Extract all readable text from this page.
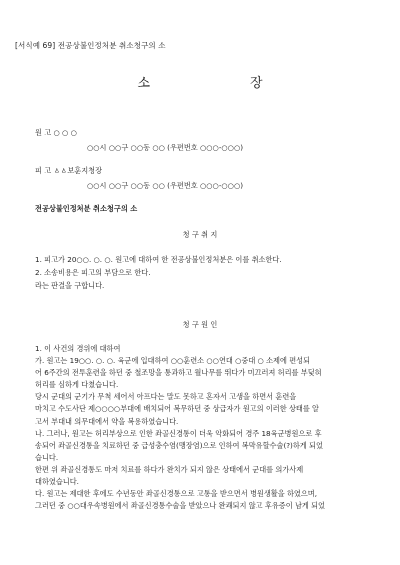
[서식예 69] 전공상불인정처분 취소청구의 소
소	장
원 고 ○ ○ ○
○○시 ○○구 ○○동 ○○ (우편번호 ○○○-○○○)
피 고 ㅿㅿ보훈지청장
○○시 ○○구 ○○동 ○○ (우편번호 ○○○-○○○)
전공상불인정처분 취소청구의 소
청 구 취 지
1. 피고가 20○○. ○. ○. 원고에 대하여 한 전공상불인정처분은 이를 취소한다.
2. 소송비용은 피고의 부담으로 한다.
라는 판결을 구합니다.
청 구 원 인
1. 이 사건의 경위에 대하여
가. 원고는 19○○. ○. ○. 육군에 입대하여 ○○훈련소 ○○연대 ○중대 ○ 소제에 편성되
어 6주간의 전투훈련을 하던 중 철조망을 통과하고 월나무를 뛰다가 미끄러져 허리를 부딪혀
허리를 심하게 다쳤습니다.
당시 군대의 군기가 무척 세어서 아프다는 말도 못하고 혼자서 고생을 하면서 훈련을
마치고 수도사단 제○○○○부대에 배치되어 복무하던 중 상급자가 원고의 이러한 상태를 알
고서 부대내 의무대에서 약을 복용하였습니다.
나. 그러나, 원고는 허리부상으로 인한 좌골신경통이 더욱 악화되어 경주 18육군병원으로 후
송되어 좌골신경통을 치료하던 중 급성충수염(맹장염)으로 인하여 복막유할수술(?)하게 되었
습니다.
한편 위 좌골신경통도 마저 치료를 하다가 완치가 되지 않은 상태에서 군대를 의가사제
대하였습니다.
다. 원고는 제대한 후에도 수년동안 좌골신경통으로 고통을 받으면서 병원생활을 하였으며,
그러던 중 ○○대우속병원에서 좌골신경통수술을 받았으나 완쾌되지 않고 후유증이 남게 되었
